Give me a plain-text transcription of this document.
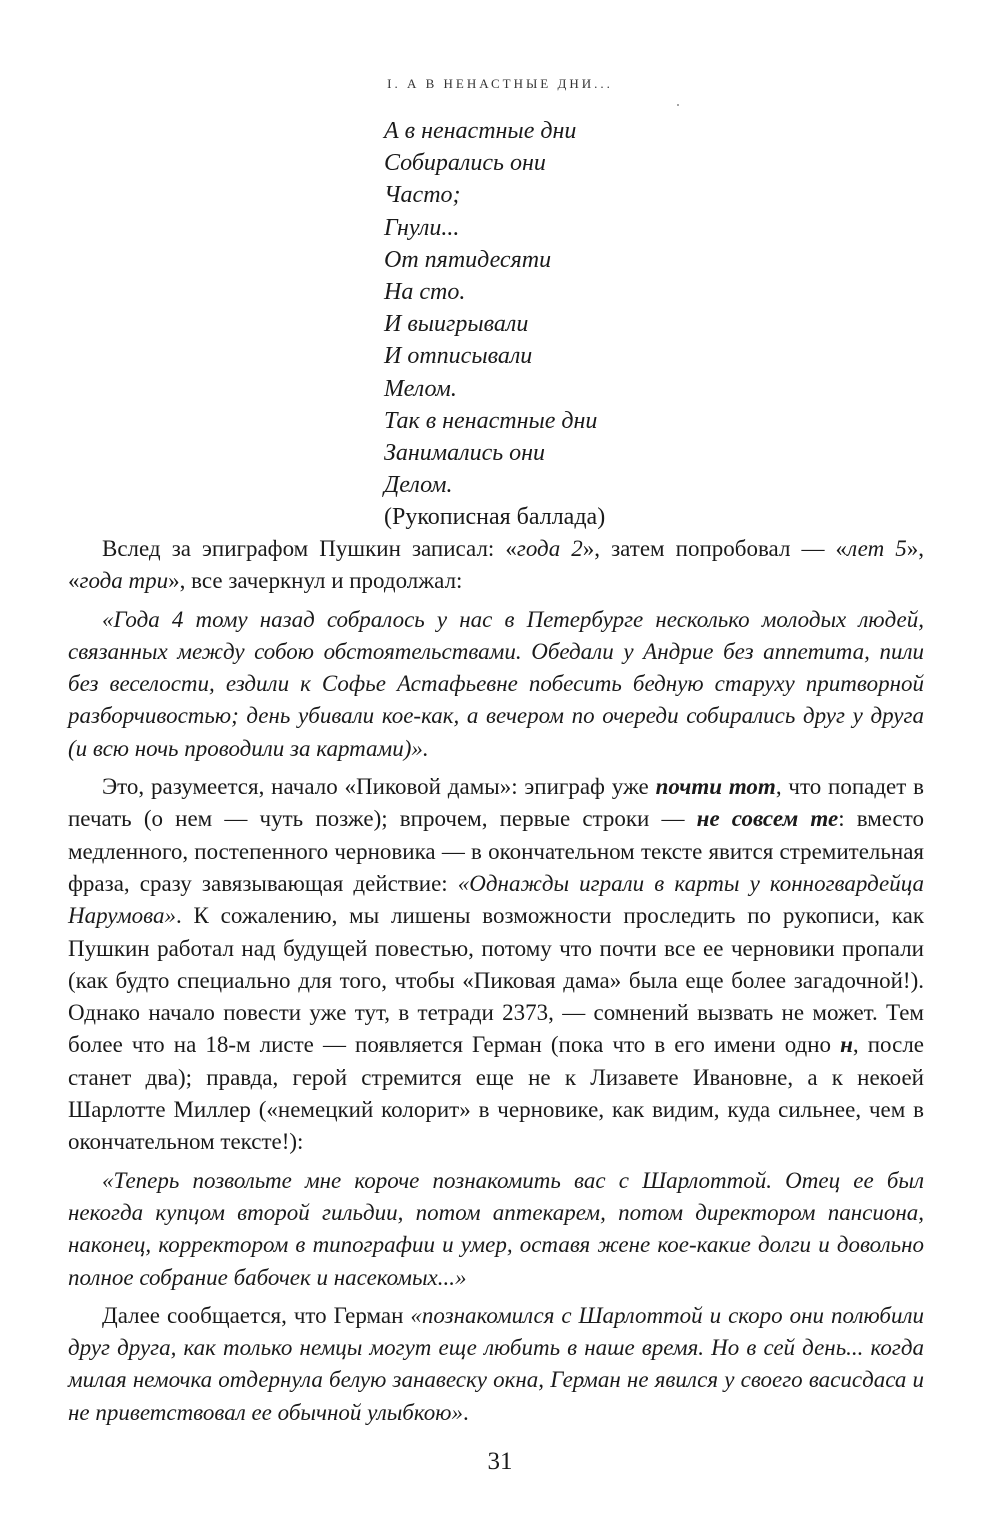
I. А В НЕНАСТНЫЕ ДНИ...
А в ненастные дни
Собирались они
Часто;
Гнули...
От пятидесяти
На сто.
И выигрывали
И отписывали
Мелом.
Так в ненастные дни
Занимались они
Делом.
(Рукописная баллада)

Вслед за эпиграфом Пушкин записал: «года 2», затем попробовал — «лет 5», «года три», все зачеркнул и продолжал:

«Года 4 тому назад собралось у нас в Петербурге несколько молодых людей, связанных между собою обстоятельствами. Обедали у Андрие без аппетита, пили без веселости, ездили к Софье Астафьевне побесить бедную старуху притворной разборчивостью; день убивали кое-как, а вечером по очереди собирались друг у друга (и всю ночь проводили за картами)».

Это, разумеется, начало «Пиковой дамы»: эпиграф уже почти тот, что попадет в печать (о нем — чуть позже); впрочем, первые строки — не совсем те: вместо медленного, постепенного черновика — в окончательном тексте явится стремительная фраза, сразу завязывающая действие: «Однажды играли в карты у конногвардейца Нарумова». К сожалению, мы лишены возможности проследить по рукописи, как Пушкин работал над будущей повестью, потому что почти все ее черновики пропали (как будто специально для того, чтобы «Пиковая дама» была еще более загадочной!). Однако начало повести уже тут, в тетради 2373, — сомнений вызвать не может. Тем более что на 18-м листе — появляется Герман (пока что в его имени одно н, после станет два); правда, герой стремится еще не к Лизавете Ивановне, а к некоей Шарлотте Миллер («немецкий колорит» в черновике, как видим, куда сильнее, чем в окончательном тексте!):

«Теперь позвольте мне короче познакомить вас с Шарлоттой. Отец ее был некогда купцом второй гильдии, потом аптекарем, потом директором пансиона, наконец, корректором в типографии и умер, оставя жене кое-какие долги и довольно полное собрание бабочек и насекомых...»

Далее сообщается, что Герман «познакомился с Шарлоттой и скоро они полюбили друг друга, как только немцы могут еще любить в наше время. Но в сей день... когда милая немочка отдернула белую занавеску окна, Герман не явился у своего васисдаса и не приветствовал ее обычной улыбкою».

31
